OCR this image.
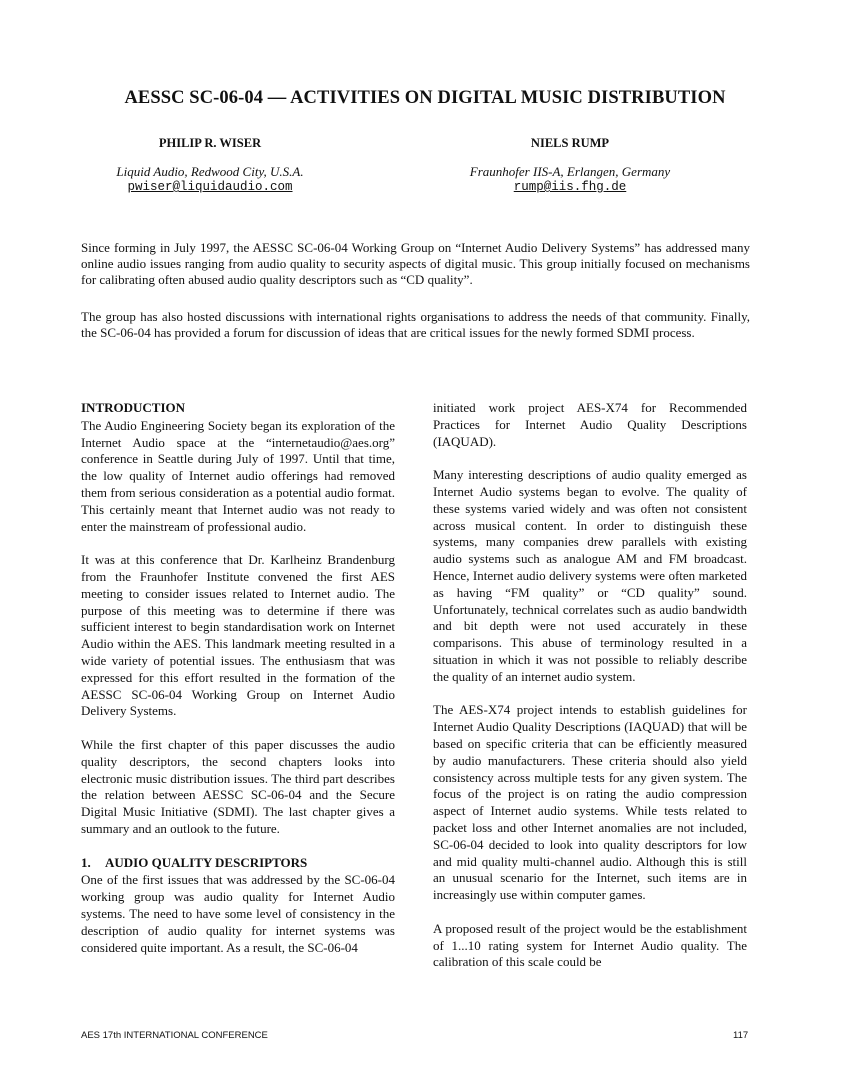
AESSC SC-06-04 — ACTIVITIES ON DIGITAL MUSIC DISTRIBUTION
PHILIP R. WISER
Liquid Audio, Redwood City, U.S.A.
pwiser@liquidaudio.com
NIELS RUMP
Fraunhofer IIS-A, Erlangen, Germany
rump@iis.fhg.de
Since forming in July 1997, the AESSC SC-06-04 Working Group on “Internet Audio Delivery Systems” has addressed many online audio issues ranging from audio quality to security aspects of digital music. This group initially focused on mechanisms for calibrating often abused audio quality descriptors such as “CD quality”.
The group has also hosted discussions with international rights organisations to address the needs of that community. Finally, the SC-06-04 has provided a forum for discussion of ideas that are critical issues for the newly formed SDMI process.
INTRODUCTION

The Audio Engineering Society began its exploration of the Internet Audio space at the “internetaudio@aes.org” conference in Seattle during July of 1997. Until that time, the low quality of Internet audio offerings had removed them from serious consideration as a potential audio format. This certainly meant that Internet audio was not ready to enter the mainstream of professional audio.

It was at this conference that Dr. Karlheinz Brandenburg from the Fraunhofer Institute convened the first AES meeting to consider issues related to Internet audio. The purpose of this meeting was to determine if there was sufficient interest to begin standardisation work on Internet Audio within the AES. This landmark meeting resulted in a wide variety of potential issues. The enthusiasm that was expressed for this effort resulted in the formation of the AESSC SC-06-04 Working Group on Internet Audio Delivery Systems.

While the first chapter of this paper discusses the audio quality descriptors, the second chapters looks into electronic music distribution issues. The third part describes the relation between AESSC SC-06-04 and the Secure Digital Music Initiative (SDMI). The last chapter gives a summary and an outlook to the future.

1. AUDIO QUALITY DESCRIPTORS

One of the first issues that was addressed by the SC-06-04 working group was audio quality for Internet Audio systems. The need to have some level of consistency in the description of audio quality for internet systems was considered quite important. As a result, the SC-06-04

initiated work project AES-X74 for Recommended Practices for Internet Audio Quality Descriptions (IAQUAD).

Many interesting descriptions of audio quality emerged as Internet Audio systems began to evolve. The quality of these systems varied widely and was often not consistent across musical content. In order to distinguish these systems, many companies drew parallels with existing audio systems such as analogue AM and FM broadcast. Hence, Internet audio delivery systems were often marketed as having “FM quality” or “CD quality” sound. Unfortunately, technical correlates such as audio bandwidth and bit depth were not used accurately in these comparisons. This abuse of terminology resulted in a situation in which it was not possible to reliably describe the quality of an internet audio system.

The AES-X74 project intends to establish guidelines for Internet Audio Quality Descriptions (IAQUAD) that will be based on specific criteria that can be efficiently measured by audio manufacturers. These criteria should also yield consistency across multiple tests for any given system. The focus of the project is on rating the audio compression aspect of Internet audio systems. While tests related to packet loss and other Internet anomalies are not included, SC-06-04 decided to look into quality descriptors for low and mid quality multi-channel audio. Although this is still an unusual scenario for the Internet, such items are in increasingly use within computer games.

A proposed result of the project would be the establishment of 1...10 rating system for Internet Audio quality. The calibration of this scale could be

AES 17th INTERNATIONAL CONFERENCE	117
